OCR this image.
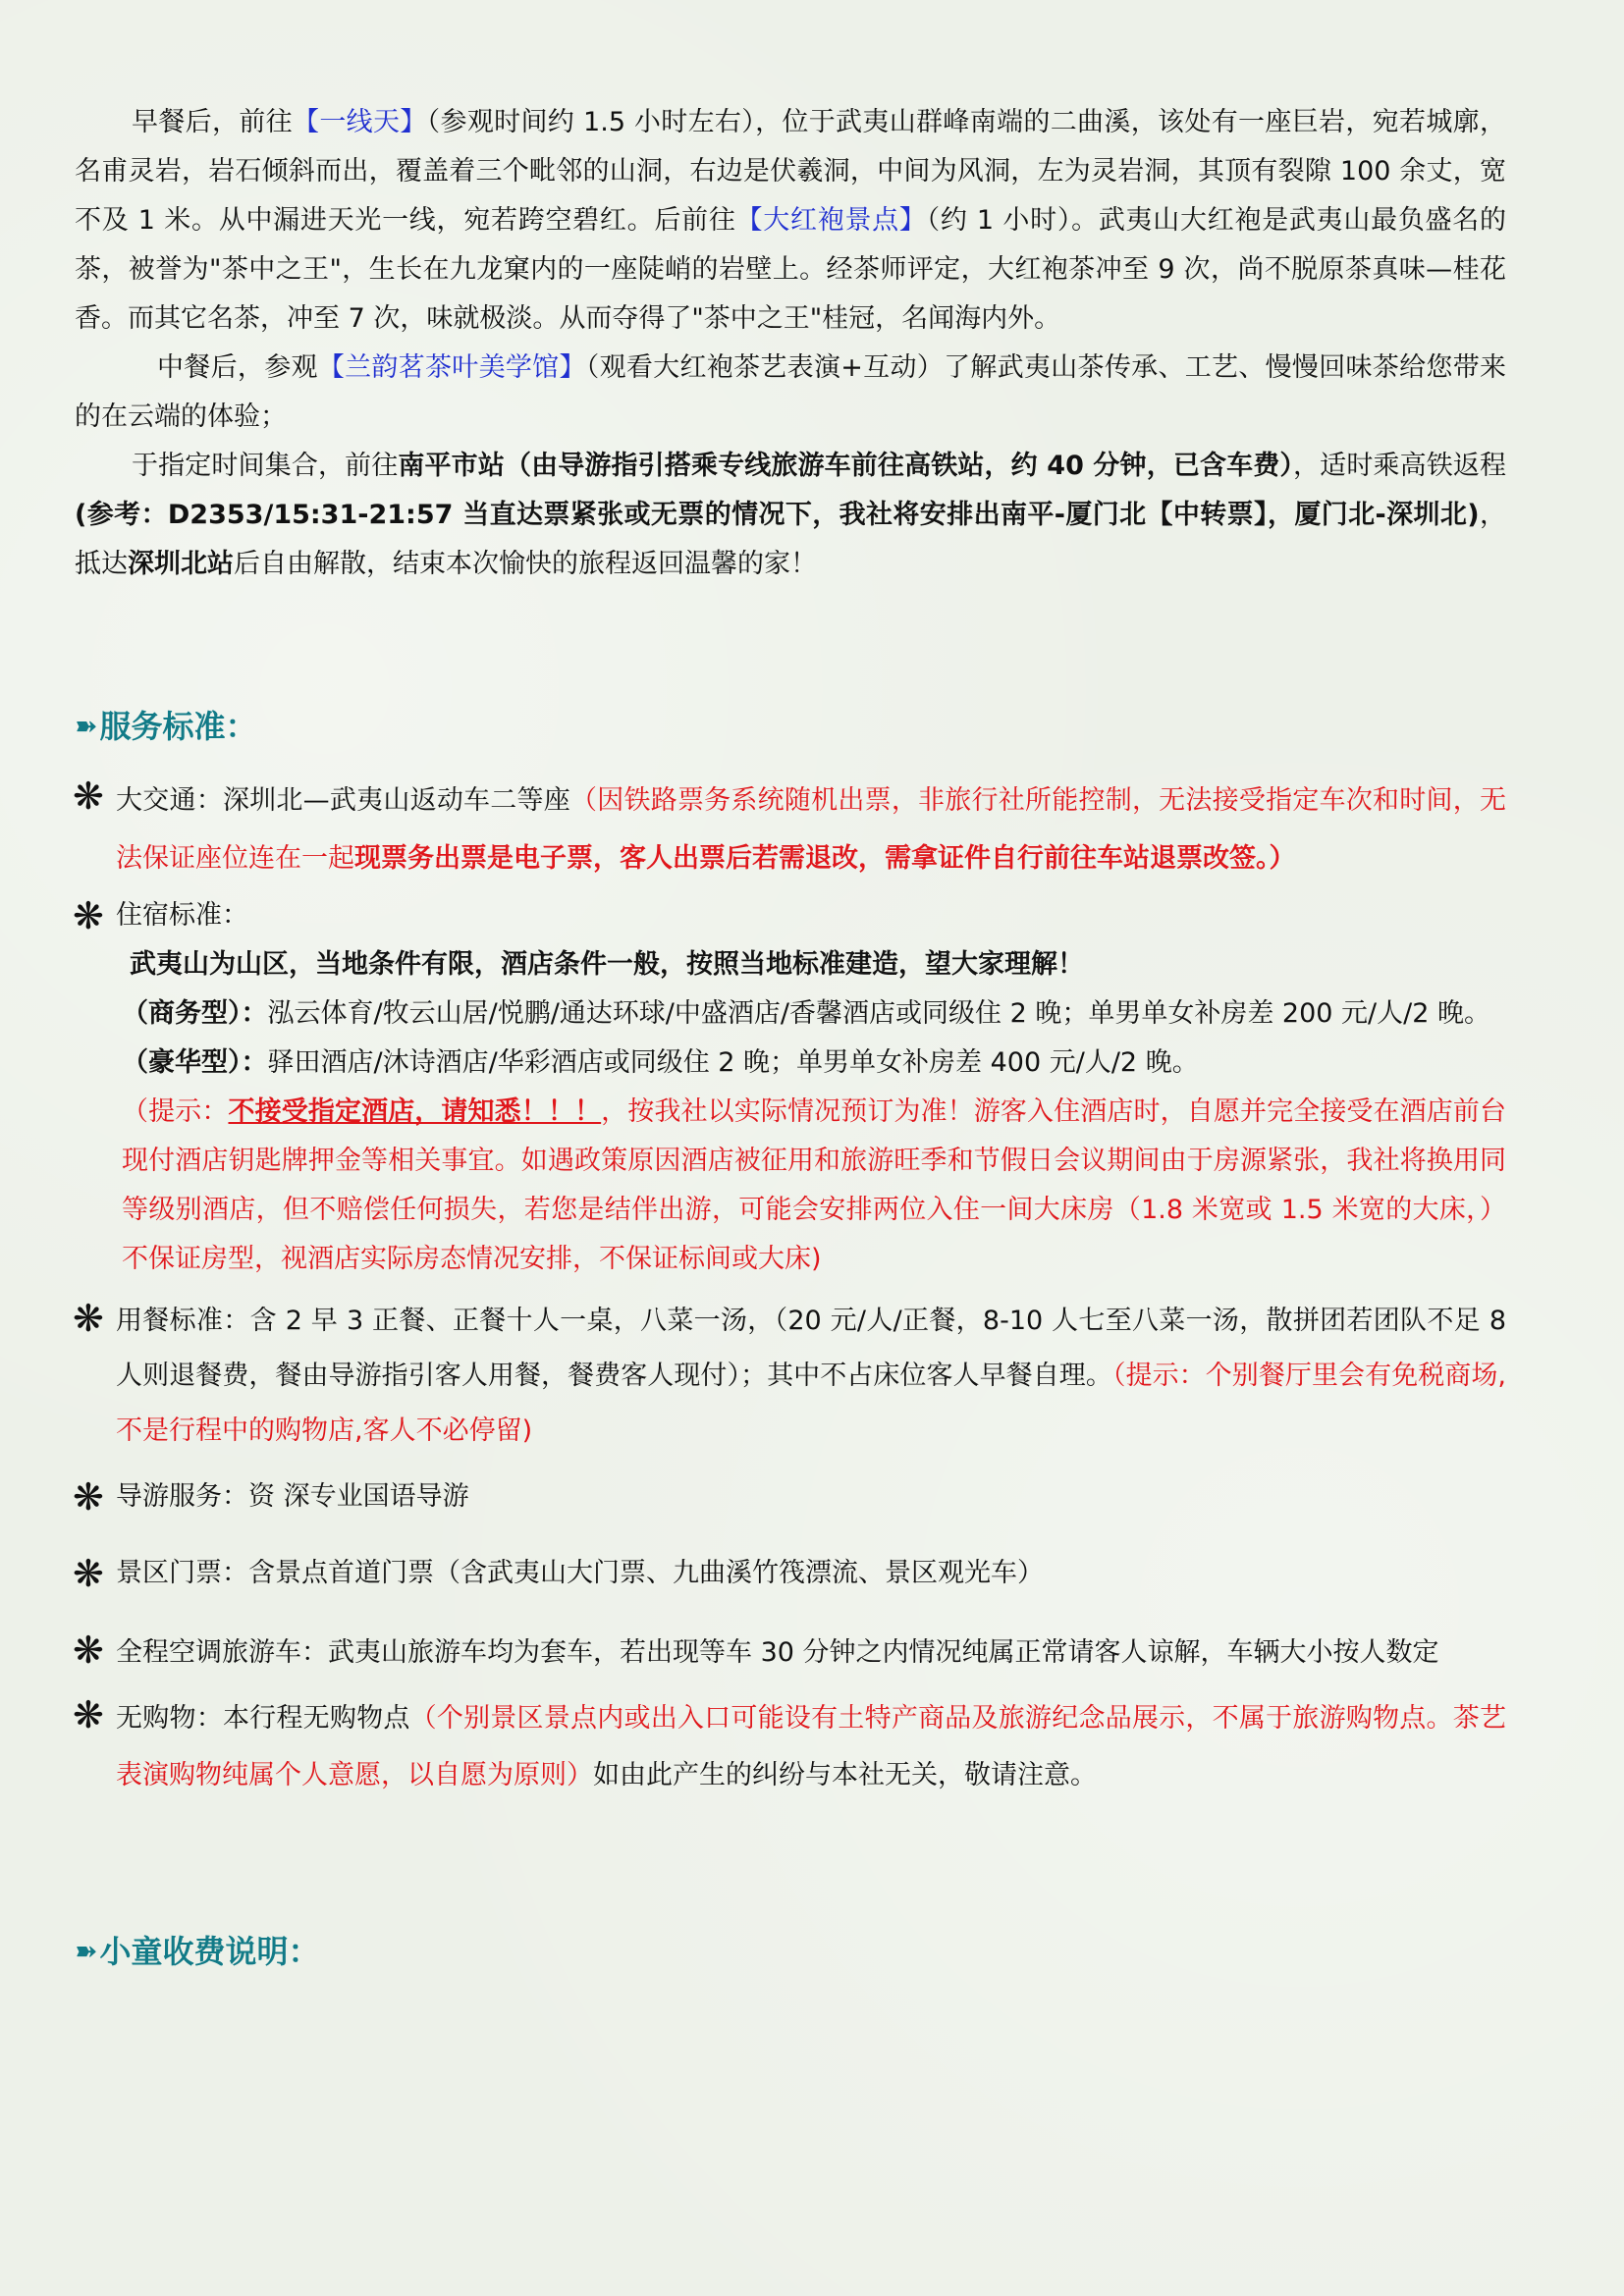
早餐后，前往【一线天】（参观时间约 1.5 小时左右），位于武夷山群峰南端的二曲溪，该处有一座巨岩，宛若城廓，名甫灵岩，岩石倾斜而出，覆盖着三个毗邻的山洞，右边是伏羲洞，中间为风洞，左为灵岩洞，其顶有裂隙 100 余丈，宽不及 1 米。从中漏进天光一线，宛若跨空碧红。后前往【大红袍景点】（约 1 小时）。武夷山大红袍是武夷山最负盛名的茶，被誉为"茶中之王"，生长在九龙窠内的一座陡峭的岩壁上。经茶师评定，大红袍茶冲至 9 次，尚不脱原茶真味—桂花香。而其它名茶，冲至 7 次，味就极淡。从而夺得了"茶中之王"桂冠，名闻海内外。

中餐后，参观【兰韵茗茶叶美学馆】（观看大红袍茶艺表演+互动）了解武夷山茶传承、工艺、慢慢回味茶给您带来的在云端的体验；

于指定时间集合，前往南平市站（由导游指引搭乘专线旅游车前往高铁站，约 40 分钟，已含车费），适时乘高铁返程(参考：D2353/15:31-21:57 当直达票紧张或无票的情况下，我社将安排出南平-厦门北【中转票】，厦门北-深圳北)，抵达深圳北站后自由解散，结束本次愉快的旅程返回温馨的家！

➽ 服务标准：
❋ 大交通：深圳北—武夷山返动车二等座（因铁路票务系统随机出票，非旅行社所能控制，无法接受指定车次和时间，无法保证座位连在一起现票务出票是电子票，客人出票后若需退改，需拿证件自行前往车站退票改签。）
❋ 住宿标准：

武夷山为山区，当地条件有限，酒店条件一般，按照当地标准建造，望大家理解！

（商务型）：泓云体育/牧云山居/悦鹏/通达环球/中盛酒店/香馨酒店或同级住 2 晚；单男单女补房差 200 元/人/2 晚。

（豪华型）：驿田酒店/沐诗酒店/华彩酒店或同级住 2 晚；单男单女补房差 400 元/人/2 晚。

（提示：不接受指定酒店，请知悉！！！，按我社以实际情况预订为准！游客入住酒店时，自愿并完全接受在酒店前台现付酒店钥匙牌押金等相关事宜。如遇政策原因酒店被征用和旅游旺季和节假日会议期间由于房源紧张，我社将换用同等级别酒店，但不赔偿任何损失，若您是结伴出游，可能会安排两位入住一间大床房（1.8 米宽或 1.5 米宽的大床，）不保证房型，视酒店实际房态情况安排，不保证标间或大床)

❋ 用餐标准：含 2 早 3 正餐、正餐十人一桌，八菜一汤，（20 元/人/正餐，8-10 人七至八菜一汤，散拼团若团队不足 8 人则退餐费，餐由导游指引客人用餐，餐费客人现付）；其中不占床位客人早餐自理。（提示：个别餐厅里会有免税商场,不是行程中的购物店,客人不必停留)
❋ 导游服务：资 深专业国语导游
❋ 景区门票：含景点首道门票（含武夷山大门票、九曲溪竹筏漂流、景区观光车）
❋ 全程空调旅游车：武夷山旅游车均为套车，若出现等车 30 分钟之内情况纯属正常请客人谅解，车辆大小按人数定
❋ 无购物：本行程无购物点（个别景区景点内或出入口可能设有土特产商品及旅游纪念品展示，不属于旅游购物点。茶艺表演购物纯属个人意愿，以自愿为原则）如由此产生的纠纷与本社无关，敬请注意。
➽ 小童收费说明：
